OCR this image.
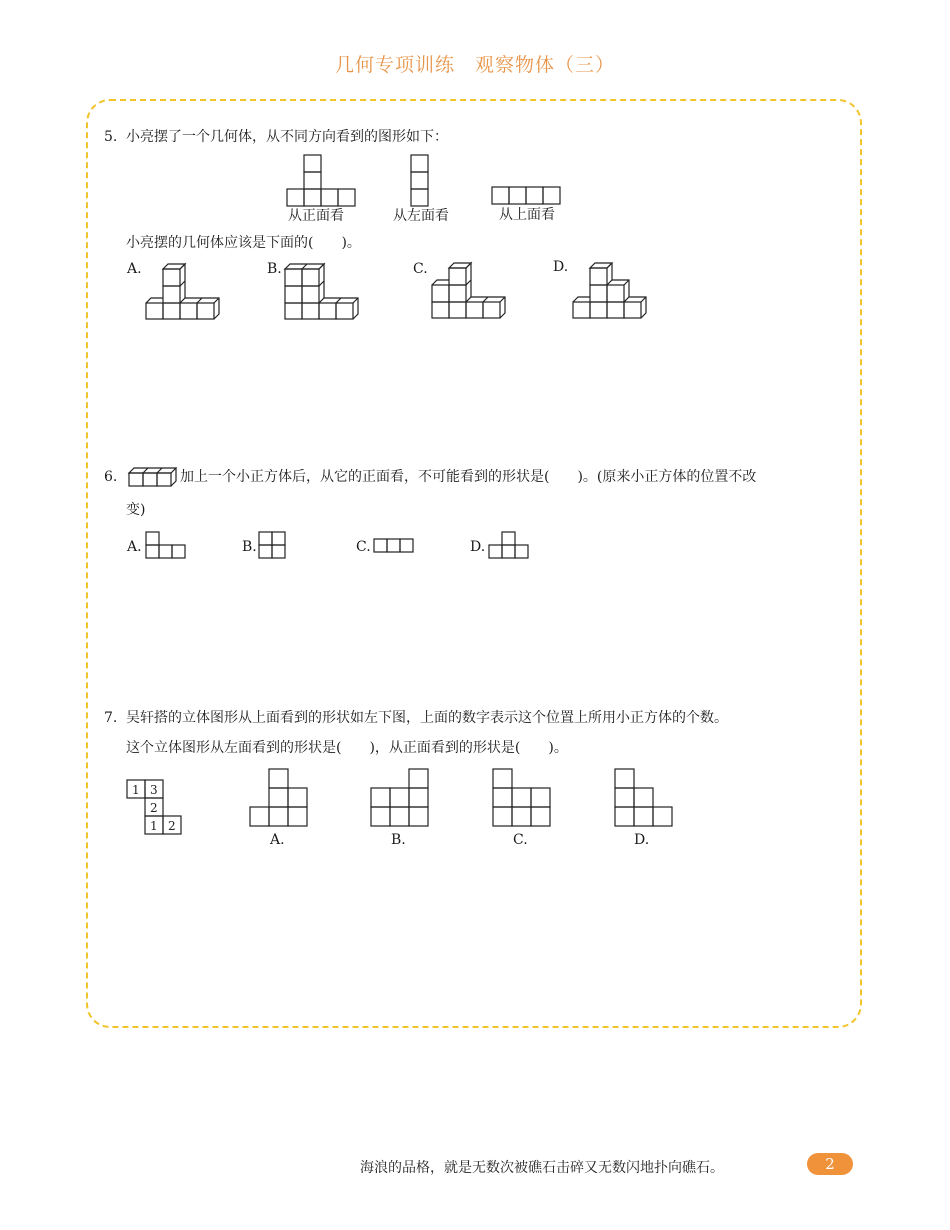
几何专项训练　观察物体（三）
5. 小亮摆了一个几何体，从不同方向看到的图形如下：
从正面看	从左面看	从上面看
小亮摆的几何体应该是下面的(　　)。
A.	B.	C.	D.
6.	加上一个小正方体后，从它的正面看，不可能看到的形状是(　　)。(原来小正方体的位置不改
变)
A.	B.	C.	D.
7. 吴轩搭的立体图形从上面看到的形状如左下图，上面的数字表示这个位置上所用小正方体的个数。
这个立体图形从左面看到的形状是(　　)，从正面看到的形状是(　　)。
1 3
2
1 2
A.	B.	C.	D.
海浪的品格，就是无数次被礁石击碎又无数闪地扑向礁石。	2
